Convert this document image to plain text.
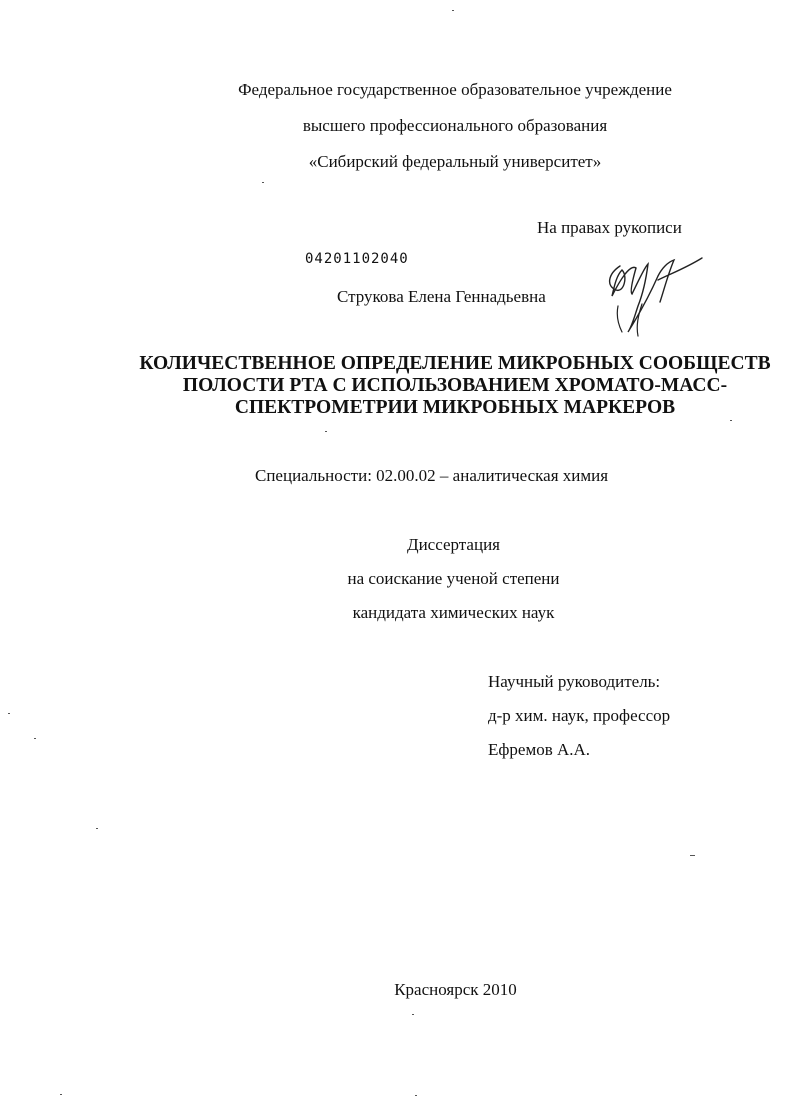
Федеральное государственное образовательное учреждение
высшего профессионального образования
«Сибирский федеральный университет»
На правах рукописи
04201102040
Струкова Елена Геннадьевна
КОЛИЧЕСТВЕННОЕ ОПРЕДЕЛЕНИЕ МИКРОБНЫХ СООБЩЕСТВ
ПОЛОСТИ РТА С ИСПОЛЬЗОВАНИЕМ ХРОМАТО-МАСС-
СПЕКТРОМЕТРИИ МИКРОБНЫХ МАРКЕРОВ
Специальности: 02.00.02 – аналитическая химия
Диссертация
на соискание ученой степени
кандидата химических наук
Научный руководитель:
д-р хим. наук, профессор
Ефремов А.А.
Красноярск 2010
